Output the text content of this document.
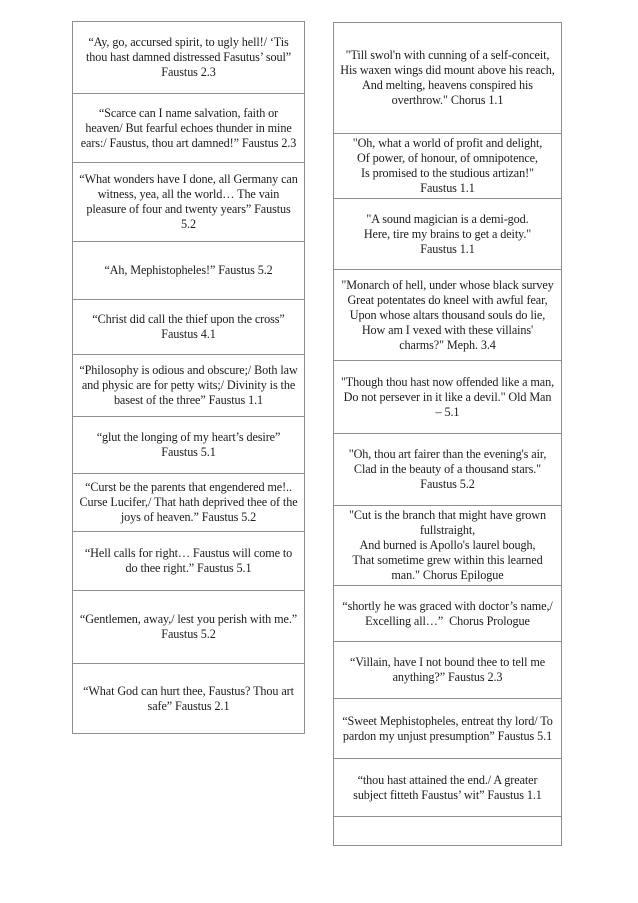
“Ay, go, accursed spirit, to ugly hell!/ ‘Tis thou hast damned distressed Fasutus’ soul” Faustus 2.3
“Scarce can I name salvation, faith or heaven/ But fearful echoes thunder in mine ears:/ Faustus, thou art damned!” Faustus 2.3
“What wonders have I done, all Germany can witness, yea, all the world… The vain pleasure of four and twenty years” Faustus 5.2
“Ah, Mephistopheles!” Faustus 5.2
“Christ did call the thief upon the cross” Faustus 4.1
“Philosophy is odious and obscure;/ Both law and physic are for petty wits;/ Divinity is the basest of the three” Faustus 1.1
“glut the longing of my heart’s desire” Faustus 5.1
“Curst be the parents that engendered me!.. Curse Lucifer,/ That hath deprived thee of the joys of heaven.” Faustus 5.2
“Hell calls for right… Faustus will come to do thee right.” Faustus 5.1
“Gentlemen, away,/ lest you perish with me.” Faustus 5.2
“What God can hurt thee, Faustus? Thou art safe” Faustus 2.1
"Till swol'n with cunning of a self-conceit,
His waxen wings did mount above his reach,
And melting, heavens conspired his overthrow." Chorus 1.1
"Oh, what a world of profit and delight,
Of power, of honour, of omnipotence,
Is promised to the studious artizan!"
Faustus 1.1
"A sound magician is a demi-god.
Here, tire my brains to get a deity."
Faustus 1.1
"Monarch of hell, under whose black survey
Great potentates do kneel with awful fear,
Upon whose altars thousand souls do lie,
How am I vexed with these villains' charms?" Meph. 3.4
"Though thou hast now offended like a man,
Do not persever in it like a devil." Old Man – 5.1
"Oh, thou art fairer than the evening's air,
Clad in the beauty of a thousand stars."
Faustus 5.2
"Cut is the branch that might have grown fullstraight,
And burned is Apollo's laurel bough,
That sometime grew within this learned man." Chorus Epilogue
“shortly he was graced with doctor’s name,/ Excelling all…”  Chorus Prologue
“Villain, have I not bound thee to tell me anything?” Faustus 2.3
“Sweet Mephistopheles, entreat thy lord/ To pardon my unjust presumption” Faustus 5.1
“thou hast attained the end./ A greater subject fitteth Faustus’ wit” Faustus 1.1
